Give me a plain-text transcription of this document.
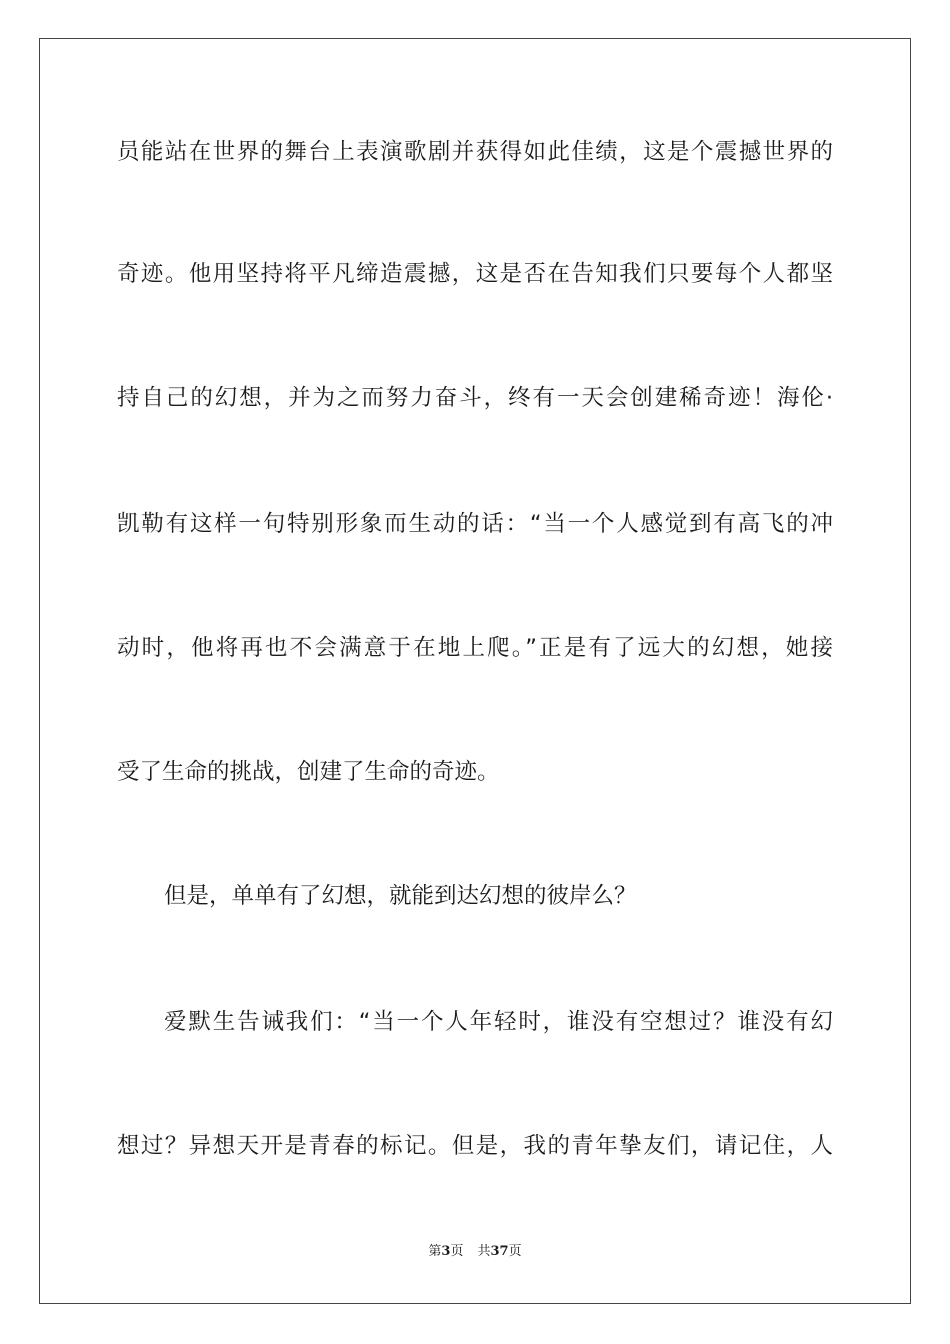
员能站在世界的舞台上表演歌剧并获得如此佳绩，这是个震撼世界的
奇迹。他用坚持将平凡缔造震撼，这是否在告知我们只要每个人都坚
持自己的幻想，并为之而努力奋斗，终有一天会创建稀奇迹！海伦·
凯勒有这样一句特别形象而生动的话：“当一个人感觉到有高飞的冲
动时，他将再也不会满意于在地上爬。”正是有了远大的幻想，她接
受了生命的挑战，创建了生命的奇迹。
但是，单单有了幻想，就能到达幻想的彼岸么？
爱默生告诫我们：“当一个人年轻时，谁没有空想过？谁没有幻
想过？异想天开是青春的标记。但是，我的青年挚友们，请记住，人
第3页 共37页
